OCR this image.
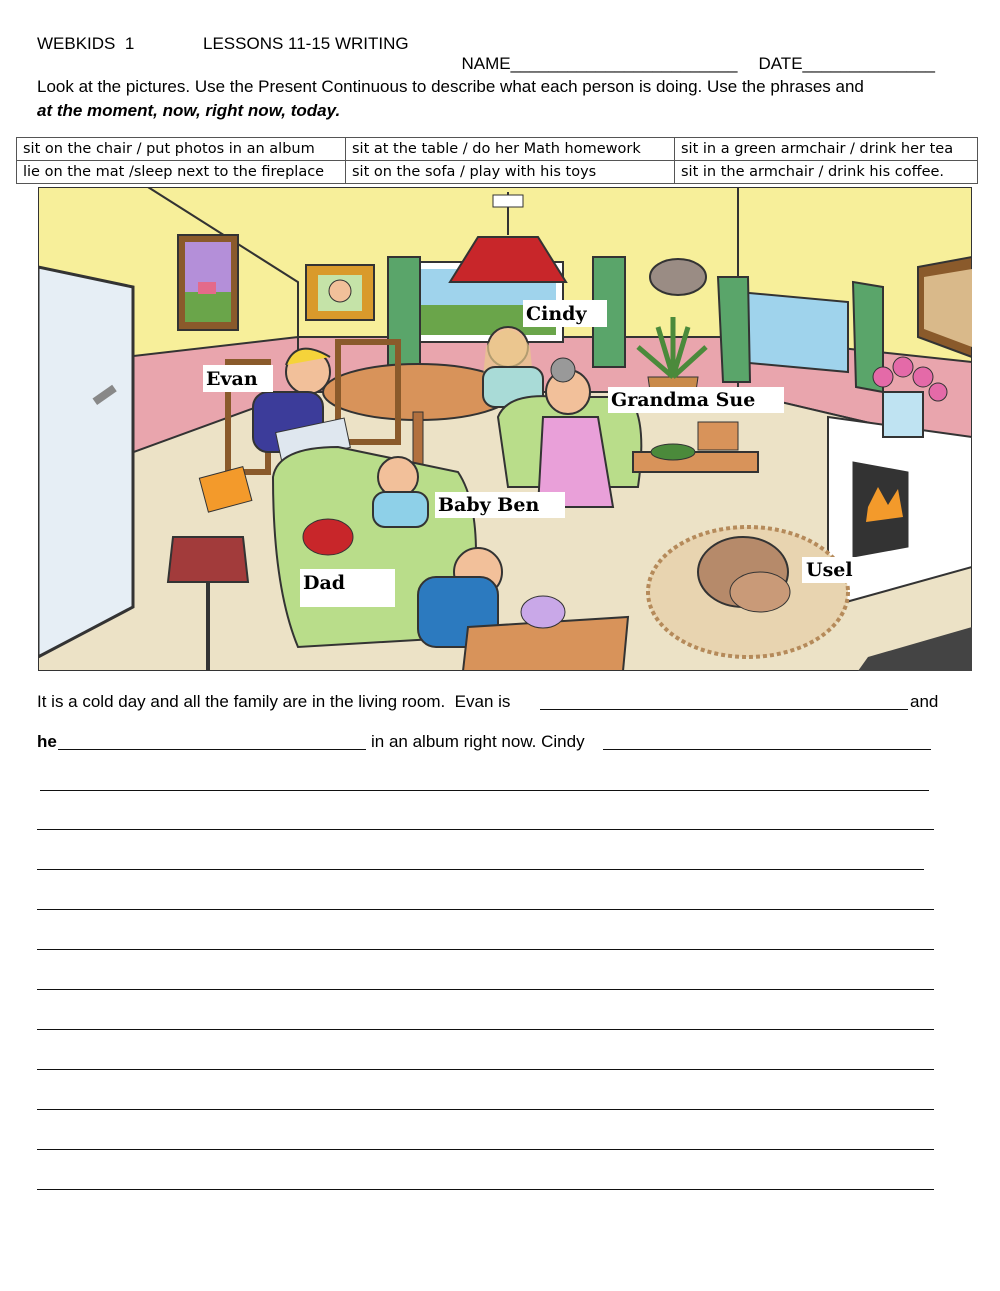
WEBKIDS  1	LESSONS 11-15 WRITING

NAME________________________	DATE______________

Look at the pictures. Use the Present Continuous to describe what each person is doing. Use the phrases and
at the moment, now, right now, today.
sit on the chair / put photos in an album	sit at the table / do her Math homework	sit in a green armchair / drink her tea
lie on the mat /sleep next to the fireplace	sit on the sofa / play with his toys	sit in the armchair / drink his coffee.
Cindy
Evan
Grandma Sue
Baby Ben
Dad
Usel
It is a cold day and all the family are in the living room.  Evan is	and
he	in an album right now. Cindy
